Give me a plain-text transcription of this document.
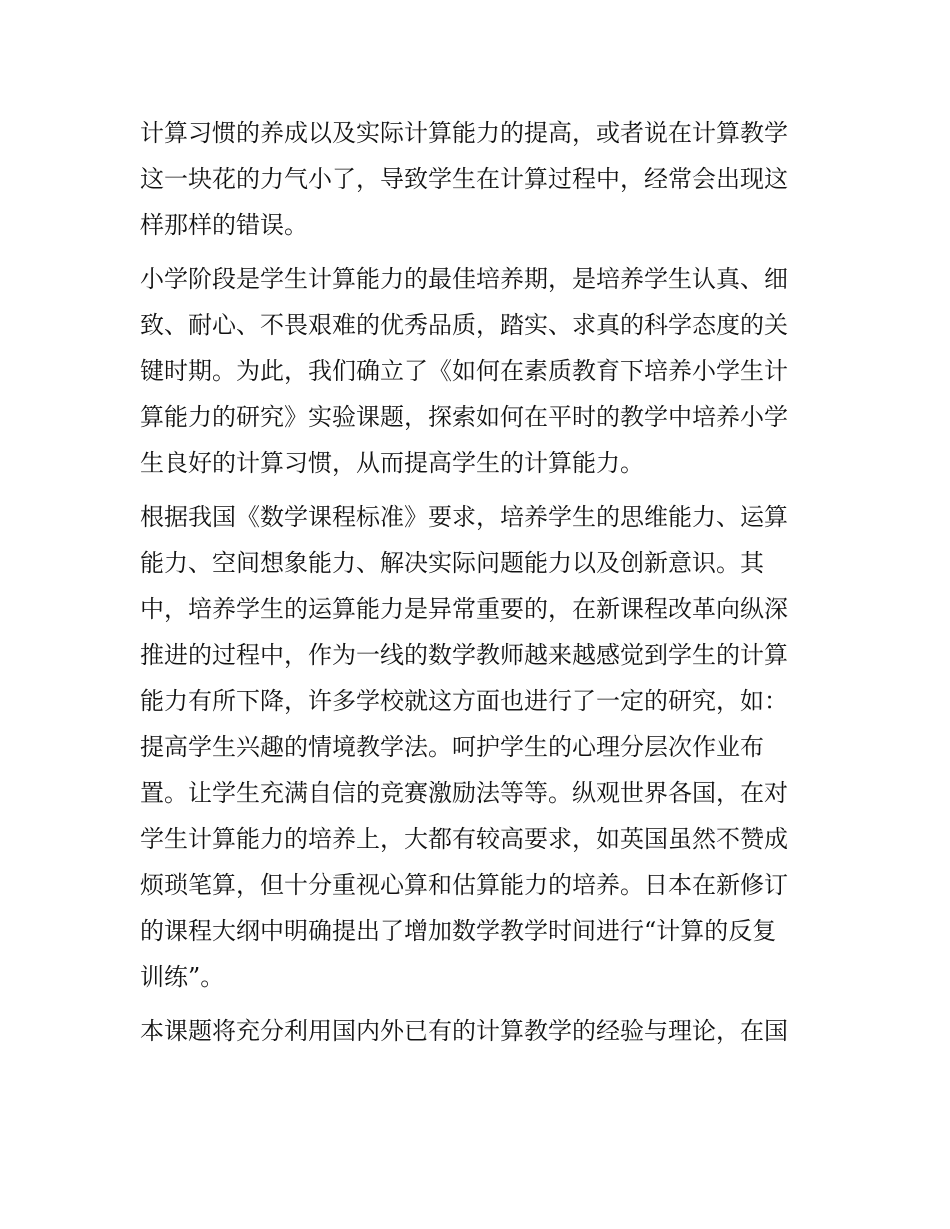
计算习惯的养成以及实际计算能力的提高，或者说在计算教学
这一块花的力气小了，导致学生在计算过程中，经常会出现这
样那样的错误。
小学阶段是学生计算能力的最佳培养期，是培养学生认真、细
致、耐心、不畏艰难的优秀品质，踏实、求真的科学态度的关
键时期。为此，我们确立了《如何在素质教育下培养小学生计
算能力的研究》实验课题，探索如何在平时的教学中培养小学
生良好的计算习惯，从而提高学生的计算能力。
根据我国《数学课程标准》要求，培养学生的思维能力、运算
能力、空间想象能力、解决实际问题能力以及创新意识。其
中，培养学生的运算能力是异常重要的，在新课程改革向纵深
推进的过程中，作为一线的数学教师越来越感觉到学生的计算
能力有所下降，许多学校就这方面也进行了一定的研究，如：
提高学生兴趣的情境教学法。呵护学生的心理分层次作业布
置。让学生充满自信的竞赛激励法等等。纵观世界各国，在对
学生计算能力的培养上，大都有较高要求，如英国虽然不赞成
烦琐笔算，但十分重视心算和估算能力的培养。日本在新修订
的课程大纲中明确提出了增加数学教学时间进行“计算的反复
训练”。
本课题将充分利用国内外已有的计算教学的经验与理论，在国
